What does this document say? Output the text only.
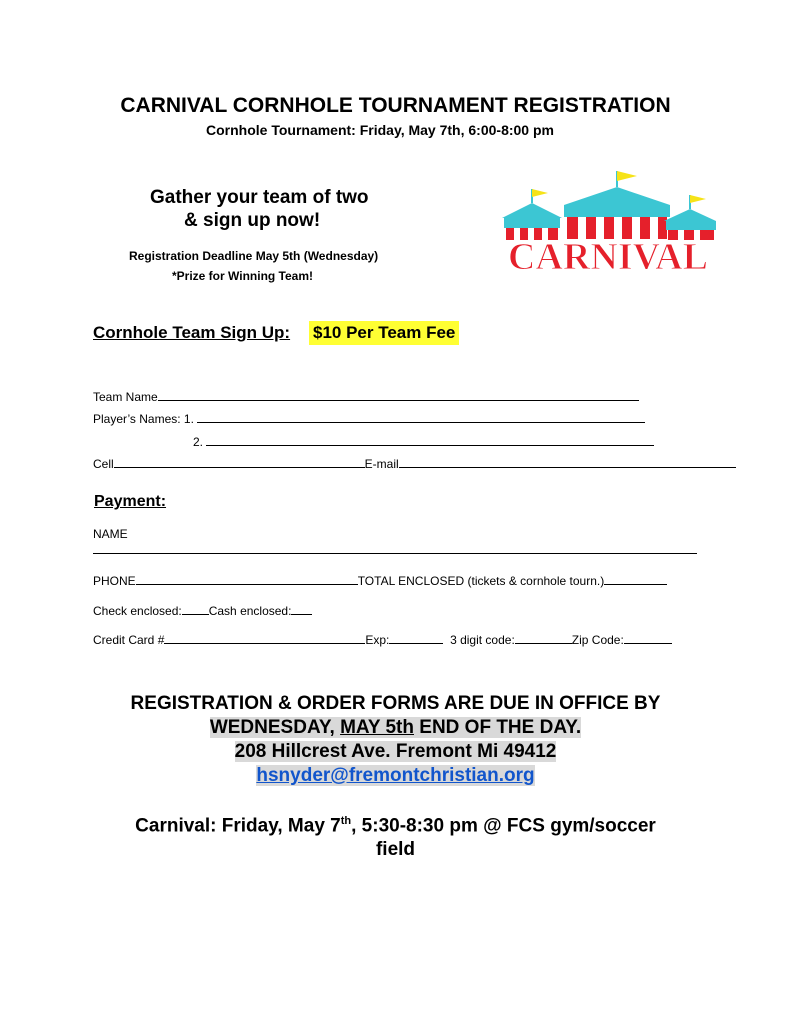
CARNIVAL CORNHOLE TOURNAMENT REGISTRATION
Cornhole Tournament: Friday, May 7th, 6:00-8:00 pm
Gather your team of two
& sign up now!
Registration Deadline May 5th (Wednesday)
*Prize for Winning Team!	CARNIVAL
Cornhole Team Sign Up: $10 Per Team Fee
Team Name
Player’s Names: 1.
2.
Cell	E-mail
Payment:
NAME
PHONE	TOTAL ENCLOSED (tickets & cornhole tourn.)
Check enclosed: Cash enclosed:
Credit Card #	Exp:	3 digit code:	Zip Code:
REGISTRATION & ORDER FORMS ARE DUE IN OFFICE BY
WEDNESDAY, MAY 5th END OF THE DAY.
208 Hillcrest Ave. Fremont Mi 49412
hsnyder@fremontchristian.org
Carnival: Friday, May 7th, 5:30-8:30 pm @ FCS gym/soccer
field
